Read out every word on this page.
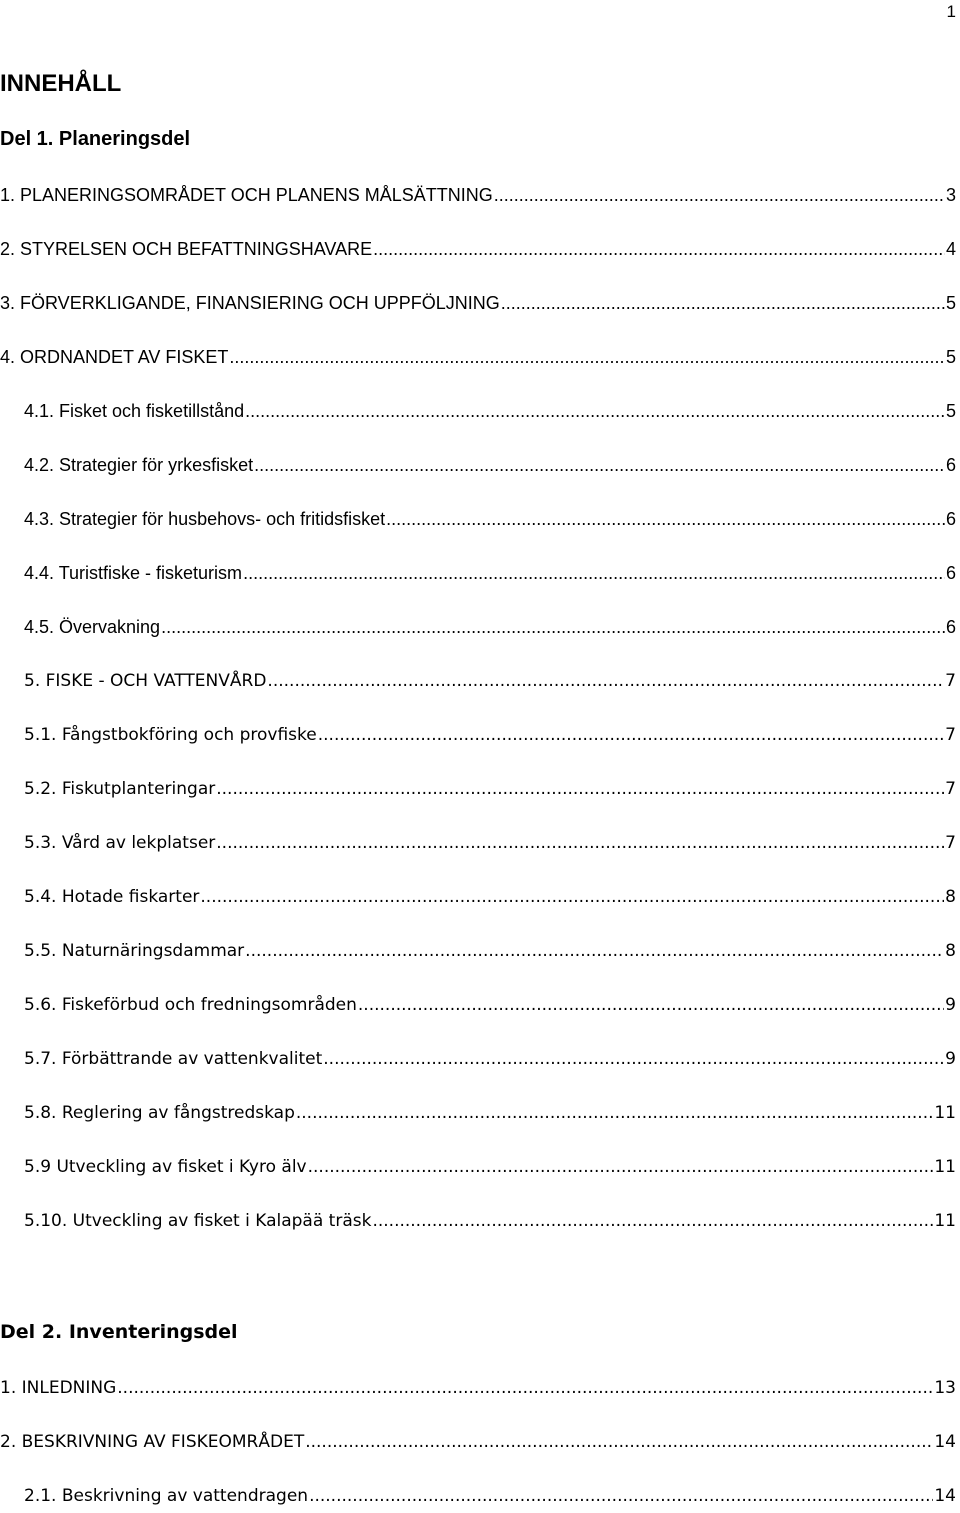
1
INNEHÅLL
Del 1. Planeringsdel
1. PLANERINGSOMRÅDET OCH PLANENS MÅLSÄTTNING .....	3
2. STYRELSEN OCH BEFATTNINGSHAVARE .....	4
3. FÖRVERKLIGANDE, FINANSIERING OCH UPPFÖLJNING .....	5
4. ORDNANDET AV FISKET .....	5
4.1. Fisket och fisketillstånd .....	5
4.2. Strategier för yrkesfisket .....	6
4.3. Strategier för husbehovs- och fritidsfisket .....	6
4.4. Turistfiske - fisketurism .....	6
4.5. Övervakning .....	6
5. FISKE - OCH VATTENVÅRD .....	7
5.1. Fångstbokföring och provfiske .....	7
5.2. Fiskutplanteringar .....	7
5.3. Vård av lekplatser .....	7
5.4. Hotade fiskarter .....	8
5.5. Naturnäringsdammar .....	8
5.6. Fiskeförbud och fredningsområden .....	9
5.7. Förbättrande av vattenkvalitet .....	9
5.8. Reglering av fångstredskap .....	11
5.9 Utveckling av fisket i Kyro älv .....	11
5.10. Utveckling av fisket i Kalapää träsk .....	11
Del 2. Inventeringsdel
1. INLEDNING .....	13
2. BESKRIVNING AV FISKEOMRÅDET .....	14
2.1. Beskrivning av vattendragen .....	14
